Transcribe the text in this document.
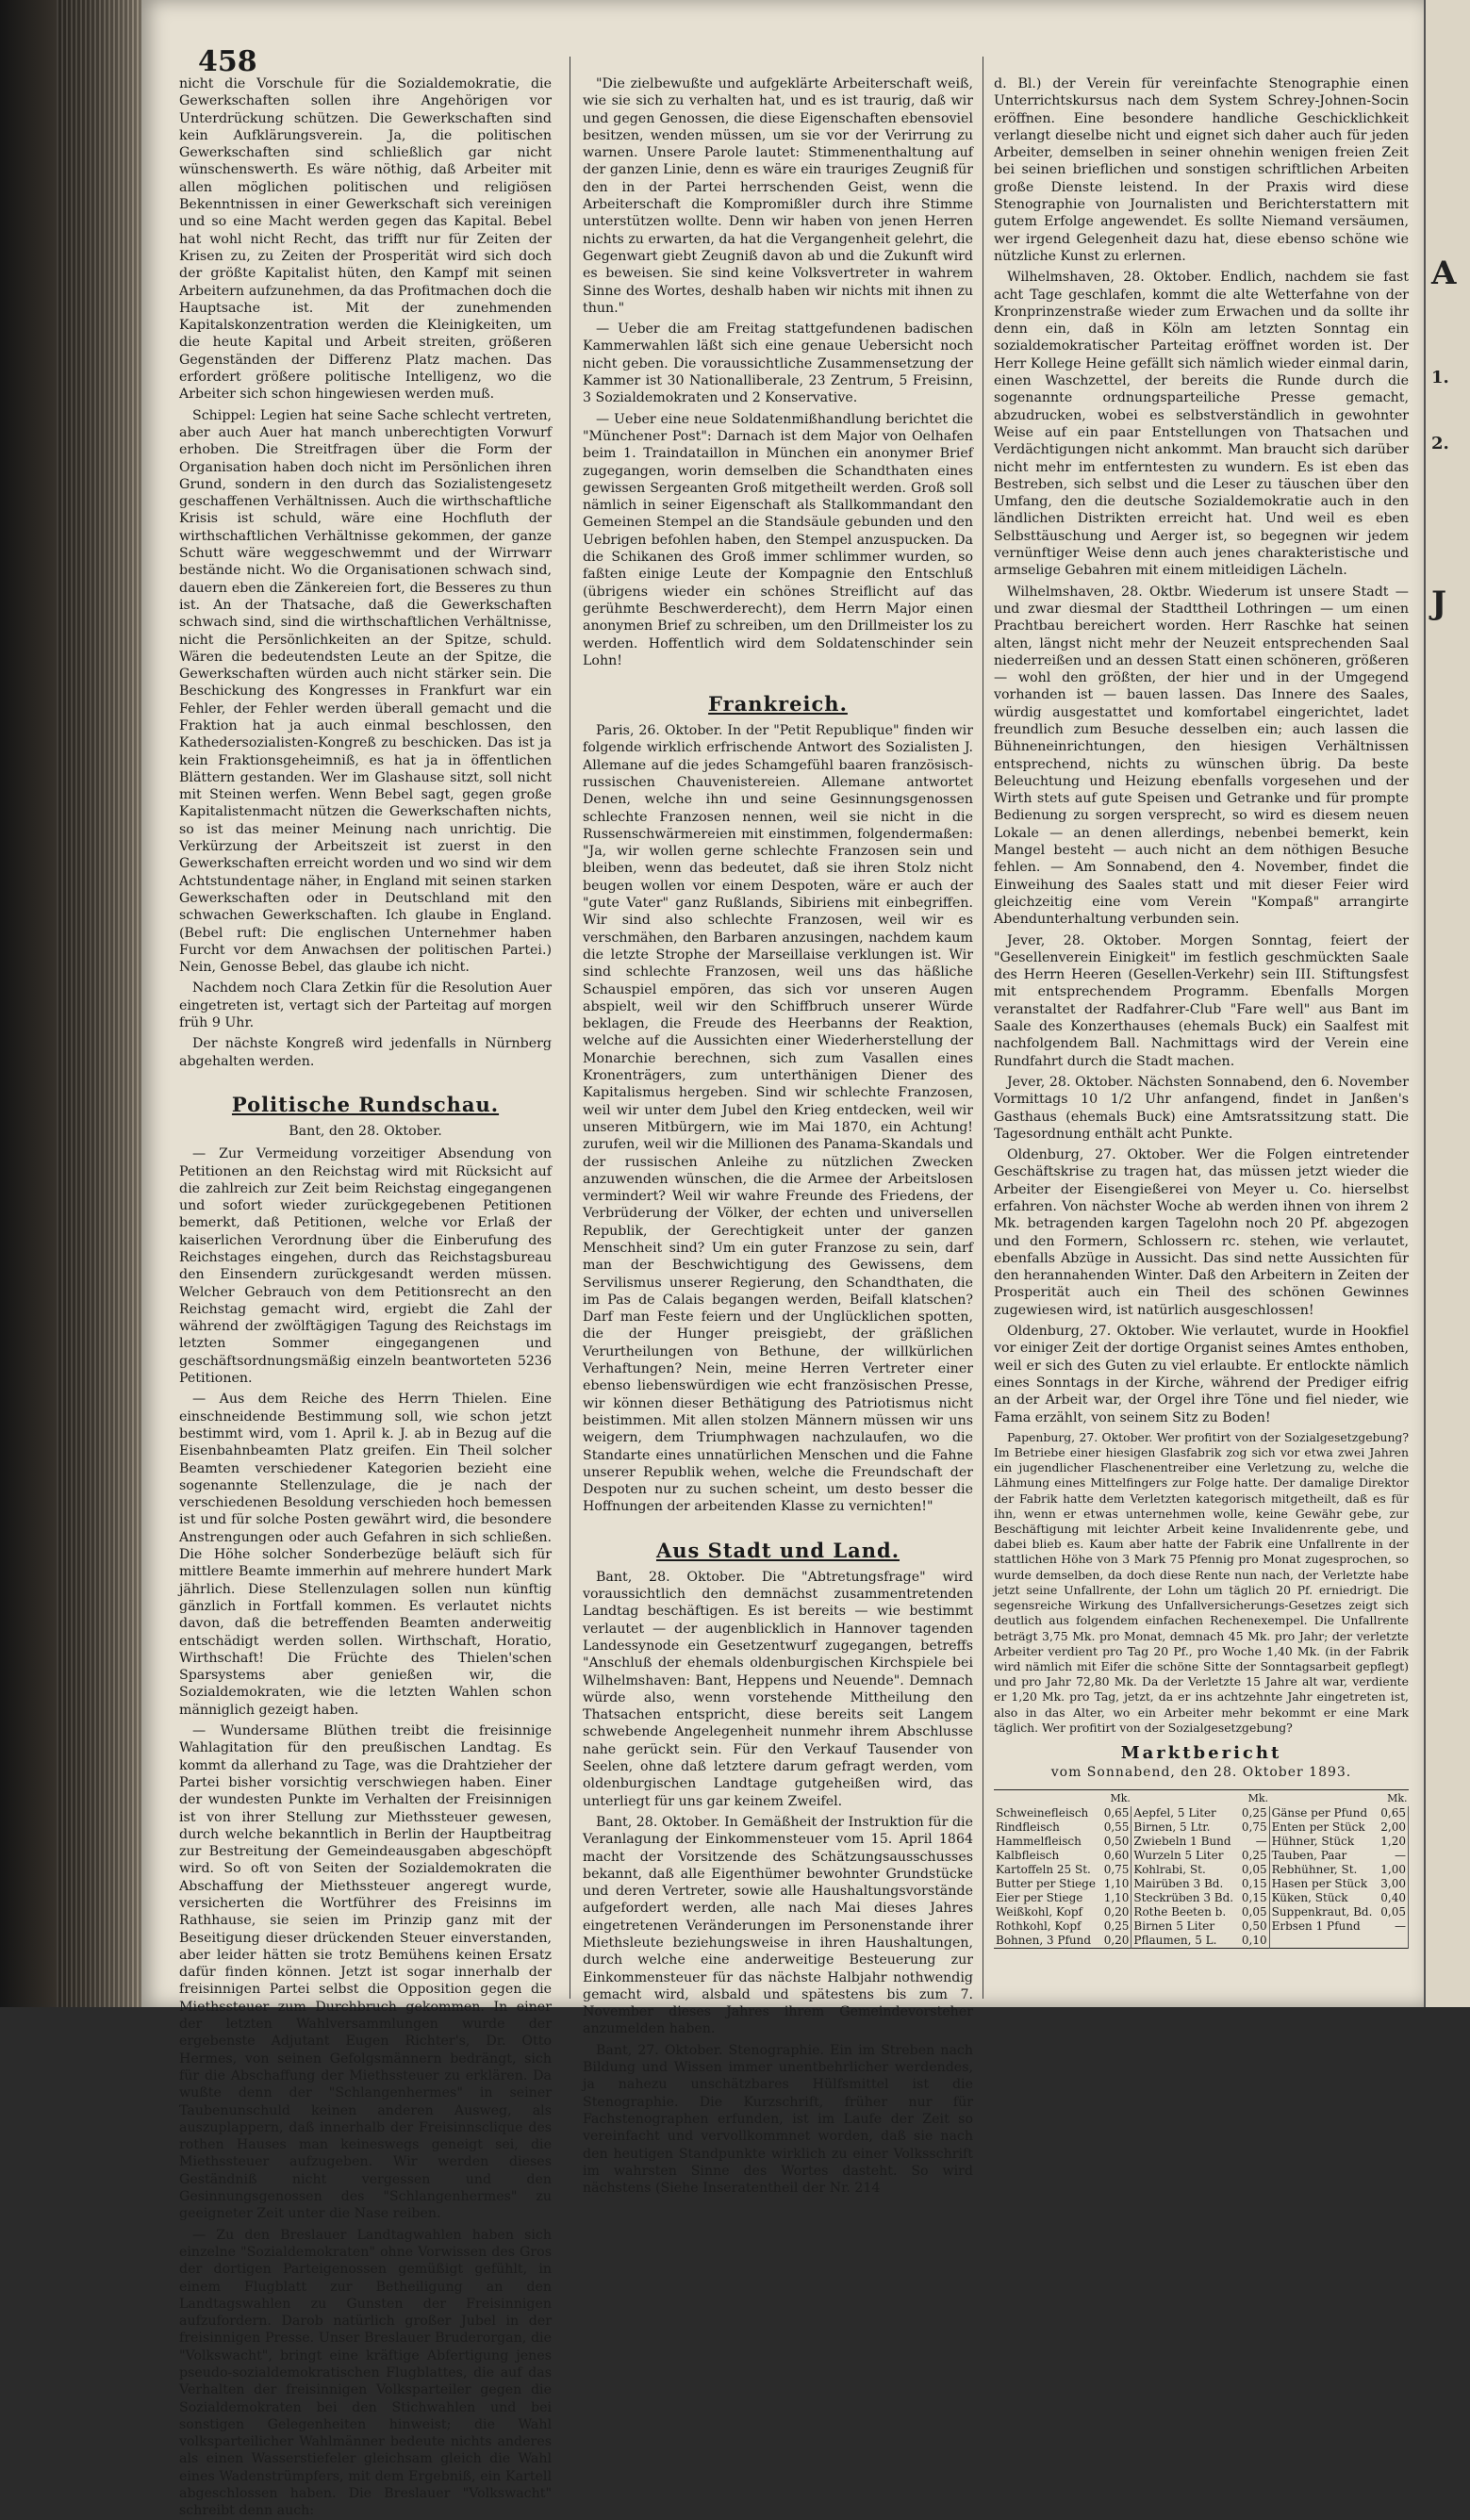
A
1.
2.
J
458

nicht die Vorschule für die Sozialdemokratie, die Gewerkschaften sollen ihre Angehörigen vor Unterdrückung schützen. Die Gewerkschaften sind kein Aufklärungsverein. Ja, die politischen Gewerkschaften sind schließlich gar nicht wünschenswerth. Es wäre nöthig, daß Arbeiter mit allen möglichen politischen und religiösen Bekenntnissen in einer Gewerkschaft sich vereinigen und so eine Macht werden gegen das Kapital. Bebel hat wohl nicht Recht, das trifft nur für Zeiten der Krisen zu, zu Zeiten der Prosperität wird sich doch der größte Kapitalist hüten, den Kampf mit seinen Arbeitern aufzunehmen, da das Profitmachen doch die Hauptsache ist. Mit der zunehmenden Kapitalskonzentration werden die Kleinigkeiten, um die heute Kapital und Arbeit streiten, größeren Gegenständen der Differenz Platz machen. Das erfordert größere politische Intelligenz, wo die Arbeiter sich schon hingewiesen werden muß.

Schippel: Legien hat seine Sache schlecht vertreten, aber auch Auer hat manch unberechtigten Vorwurf erhoben. Die Streitfragen über die Form der Organisation haben doch nicht im Persönlichen ihren Grund, sondern in den durch das Sozialistengesetz geschaffenen Verhältnissen. Auch die wirthschaftliche Krisis ist schuld, wäre eine Hochfluth der wirthschaftlichen Verhältnisse gekommen, der ganze Schutt wäre weggeschwemmt und der Wirrwarr bestände nicht. Wo die Organisationen schwach sind, dauern eben die Zänkereien fort, die Besseres zu thun ist. An der Thatsache, daß die Gewerkschaften schwach sind, sind die wirthschaftlichen Verhältnisse, nicht die Persönlichkeiten an der Spitze, schuld. Wären die bedeutendsten Leute an der Spitze, die Gewerkschaften würden auch nicht stärker sein. Die Beschickung des Kongresses in Frankfurt war ein Fehler, der Fehler werden überall gemacht und die Fraktion hat ja auch einmal beschlossen, den Kathedersozialisten-Kongreß zu beschicken. Das ist ja kein Fraktionsgeheimniß, es hat ja in öffentlichen Blättern gestanden. Wer im Glashause sitzt, soll nicht mit Steinen werfen. Wenn Bebel sagt, gegen große Kapitalistenmacht nützen die Gewerkschaften nichts, so ist das meiner Meinung nach unrichtig. Die Verkürzung der Arbeitszeit ist zuerst in den Gewerkschaften erreicht worden und wo sind wir dem Achtstundentage näher, in England mit seinen starken Gewerkschaften oder in Deutschland mit den schwachen Gewerkschaften. Ich glaube in England. (Bebel ruft: Die englischen Unternehmer haben Furcht vor dem Anwachsen der politischen Partei.) Nein, Genosse Bebel, das glaube ich nicht.

Nachdem noch Clara Zetkin für die Resolution Auer eingetreten ist, vertagt sich der Parteitag auf morgen früh 9 Uhr.

Der nächste Kongreß wird jedenfalls in Nürnberg abgehalten werden.

Politische Rundschau.
Bant, den 28. Oktober.

— Zur Vermeidung vorzeitiger Absendung von Petitionen an den Reichstag wird mit Rücksicht auf die zahlreich zur Zeit beim Reichstag eingegangenen und sofort wieder zurückgegebenen Petitionen bemerkt, daß Petitionen, welche vor Erlaß der kaiserlichen Verordnung über die Einberufung des Reichstages eingehen, durch das Reichstagsbureau den Einsendern zurückgesandt werden müssen. Welcher Gebrauch von dem Petitionsrecht an den Reichstag gemacht wird, ergiebt die Zahl der während der zwölftägigen Tagung des Reichstags im letzten Sommer eingegangenen und geschäftsordnungsmäßig einzeln beantworteten 5236 Petitionen.

— Aus dem Reiche des Herrn Thielen. Eine einschneidende Bestimmung soll, wie schon jetzt bestimmt wird, vom 1. April k. J. ab in Bezug auf die Eisenbahnbeamten Platz greifen. Ein Theil solcher Beamten verschiedener Kategorien bezieht eine sogenannte Stellenzulage, die je nach der verschiedenen Besoldung verschieden hoch bemessen ist und für solche Posten gewährt wird, die besondere Anstrengungen oder auch Gefahren in sich schließen. Die Höhe solcher Sonderbezüge beläuft sich für mittlere Beamte immerhin auf mehrere hundert Mark jährlich. Diese Stellenzulagen sollen nun künftig gänzlich in Fortfall kommen. Es verlautet nichts davon, daß die betreffenden Beamten anderweitig entschädigt werden sollen. Wirthschaft, Horatio, Wirthschaft! Die Früchte des Thielen'schen Sparsystems aber genießen wir, die Sozialdemokraten, wie die letzten Wahlen schon männiglich gezeigt haben.

— Wundersame Blüthen treibt die freisinnige Wahlagitation für den preußischen Landtag. Es kommt da allerhand zu Tage, was die Drahtzieher der Partei bisher vorsichtig verschwiegen haben. Einer der wundesten Punkte im Verhalten der Freisinnigen ist von ihrer Stellung zur Miethssteuer gewesen, durch welche bekanntlich in Berlin der Hauptbeitrag zur Bestreitung der Gemeindeausgaben abgeschöpft wird. So oft von Seiten der Sozialdemokraten die Abschaffung der Miethssteuer angeregt wurde, versicherten die Wortführer des Freisinns im Rathhause, sie seien im Prinzip ganz mit der Beseitigung dieser drückenden Steuer einverstanden, aber leider hätten sie trotz Bemühens keinen Ersatz dafür finden können. Jetzt ist sogar innerhalb der freisinnigen Partei selbst die Opposition gegen die Miethssteuer zum Durchbruch gekommen. In einer der letzten Wahlversammlungen wurde der ergebenste Adjutant Eugen Richter's, Dr. Otto Hermes, von seinen Gefolgsmännern bedrängt, sich für die Abschaffung der Miethssteuer zu erklären. Da wußte denn der "Schlangenhermes" in seiner Taubenunschuld keinen anderen Ausweg, als auszuplappern, daß innerhalb der Freisinnsclique des rothen Hauses man keineswegs geneigt sei, die Miethssteuer aufzugeben. Wir werden dieses Geständniß nicht vergessen und den Gesinnungsgenossen des "Schlangenhermes" zu geeigneter Zeit unter die Nase reiben.

— Zu den Breslauer Landtagwahlen haben sich einzelne "Sozialdemokraten" ohne Vorwissen des Gros der dortigen Parteigenossen gemüßigt gefühlt, in einem Flugblatt zur Betheiligung an den Landtagswahlen zu Gunsten der Freisinnigen aufzufordern. Darob natürlich großer Jubel in der freisinnigen Presse. Unser Breslauer Bruderorgan, die "Volkswacht", bringt eine kräftige Abfertigung jenes pseudo-sozialdemokratischen Flugblattes, die auf das Verhalten der freisinnigen Volksparteiler gegen die Sozialdemokraten bei den Stichwahlen und bei sonstigen Gelegenheiten hinweist; die Wahl volksparteilicher Wahlmänner bedeute nichts anderes als einen Wasserstiefeler gleichsam gleich die Wahl eines Wadenstrümpfers, mit dem Ergebniß, ein Kartell abgeschlossen haben. Die Breslauer "Volkswacht" schreibt denn auch:

"Die zielbewußte und aufgeklärte Arbeiterschaft weiß, wie sie sich zu verhalten hat, und es ist traurig, daß wir und gegen Genossen, die diese Eigenschaften ebensoviel besitzen, wenden müssen, um sie vor der Verirrung zu warnen. Unsere Parole lautet: Stimmenenthaltung auf der ganzen Linie, denn es wäre ein trauriges Zeugniß für den in der Partei herrschenden Geist, wenn die Arbeiterschaft die Kompromißler durch ihre Stimme unterstützen wollte. Denn wir haben von jenen Herren nichts zu erwarten, da hat die Vergangenheit gelehrt, die Gegenwart giebt Zeugniß davon ab und die Zukunft wird es beweisen. Sie sind keine Volksvertreter in wahrem Sinne des Wortes, deshalb haben wir nichts mit ihnen zu thun."

— Ueber die am Freitag stattgefundenen badischen Kammerwahlen läßt sich eine genaue Uebersicht noch nicht geben. Die voraussichtliche Zusammensetzung der Kammer ist 30 Nationalliberale, 23 Zentrum, 5 Freisinn, 3 Sozialdemokraten und 2 Konservative.

— Ueber eine neue Soldatenmißhandlung berichtet die "Münchener Post": Darnach ist dem Major von Oelhafen beim 1. Traindataillon in München ein anonymer Brief zugegangen, worin demselben die Schandthaten eines gewissen Sergeanten Groß mitgetheilt werden. Groß soll nämlich in seiner Eigenschaft als Stallkommandant den Gemeinen Stempel an die Standsäule gebunden und den Uebrigen befohlen haben, den Stempel anzuspucken. Da die Schikanen des Groß immer schlimmer wurden, so faßten einige Leute der Kompagnie den Entschluß (übrigens wieder ein schönes Streiflicht auf das gerühmte Beschwerderecht), dem Herrn Major einen anonymen Brief zu schreiben, um den Drillmeister los zu werden. Hoffentlich wird dem Soldatenschinder sein Lohn!

Frankreich.

Paris, 26. Oktober. In der "Petit Republique" finden wir folgende wirklich erfrischende Antwort des Sozialisten J. Allemane auf die jedes Schamgefühl baaren französisch-russischen Chauvenistereien. Allemane antwortet Denen, welche ihn und seine Gesinnungsgenossen schlechte Franzosen nennen, weil sie nicht in die Russenschwärmereien mit einstimmen, folgendermaßen: "Ja, wir wollen gerne schlechte Franzosen sein und bleiben, wenn das bedeutet, daß sie ihren Stolz nicht beugen wollen vor einem Despoten, wäre er auch der "gute Vater" ganz Rußlands, Sibiriens mit einbegriffen. Wir sind also schlechte Franzosen, weil wir es verschmähen, den Barbaren anzusingen, nachdem kaum die letzte Strophe der Marseillaise verklungen ist. Wir sind schlechte Franzosen, weil uns das häßliche Schauspiel empören, das sich vor unseren Augen abspielt, weil wir den Schiffbruch unserer Würde beklagen, die Freude des Heerbanns der Reaktion, welche auf die Aussichten einer Wiederherstellung der Monarchie berechnen, sich zum Vasallen eines Kronenträgers, zum unterthänigen Diener des Kapitalismus hergeben. Sind wir schlechte Franzosen, weil wir unter dem Jubel den Krieg entdecken, weil wir unseren Mitbürgern, wie im Mai 1870, ein Achtung! zurufen, weil wir die Millionen des Panama-Skandals und der russischen Anleihe zu nützlichen Zwecken anzuwenden wünschen, die die Armee der Arbeitslosen vermindert? Weil wir wahre Freunde des Friedens, der Verbrüderung der Völker, der echten und universellen Republik, der Gerechtigkeit unter der ganzen Menschheit sind? Um ein guter Franzose zu sein, darf man der Beschwichtigung des Gewissens, dem Servilismus unserer Regierung, den Schandthaten, die im Pas de Calais begangen werden, Beifall klatschen? Darf man Feste feiern und der Unglücklichen spotten, die der Hunger preisgiebt, der gräßlichen Verurtheilungen von Bethune, der willkürlichen Verhaftungen? Nein, meine Herren Vertreter einer ebenso liebenswürdigen wie echt französischen Presse, wir können dieser Bethätigung des Patriotismus nicht beistimmen. Mit allen stolzen Männern müssen wir uns weigern, dem Triumphwagen nachzulaufen, wo die Standarte eines unnatürlichen Menschen und die Fahne unserer Republik wehen, welche die Freundschaft der Despoten nur zu suchen scheint, um desto besser die Hoffnungen der arbeitenden Klasse zu vernichten!"

Aus Stadt und Land.

Bant, 28. Oktober. Die "Abtretungsfrage" wird voraussichtlich den demnächst zusammentretenden Landtag beschäftigen. Es ist bereits — wie bestimmt verlautet — der augenblicklich in Hannover tagenden Landessynode ein Gesetzentwurf zugegangen, betreffs "Anschluß der ehemals oldenburgischen Kirchspiele bei Wilhelmshaven: Bant, Heppens und Neuende". Demnach würde also, wenn vorstehende Mittheilung den Thatsachen entspricht, diese bereits seit Langem schwebende Angelegenheit nunmehr ihrem Abschlusse nahe gerückt sein. Für den Verkauf Tausender von Seelen, ohne daß letztere darum gefragt werden, vom oldenburgischen Landtage gutgeheißen wird, das unterliegt für uns gar keinem Zweifel.

Bant, 28. Oktober. In Gemäßheit der Instruktion für die Veranlagung der Einkommensteuer vom 15. April 1864 macht der Vorsitzende des Schätzungsausschusses bekannt, daß alle Eigenthümer bewohnter Grundstücke und deren Vertreter, sowie alle Haushaltungsvorstände aufgefordert werden, alle nach Mai dieses Jahres eingetretenen Veränderungen im Personenstande ihrer Miethsleute beziehungsweise in ihren Haushaltungen, durch welche eine anderweitige Besteuerung zur Einkommensteuer für das nächste Halbjahr nothwendig gemacht wird, alsbald und spätestens bis zum 7. November dieses Jahres ihrem Gemeindevorsteher anzumelden haben.

Bant, 27. Oktober. Stenographie. Ein im Streben nach Bildung und Wissen immer unentbehrlicher werdendes, ja nahezu unschätzbares Hülfsmittel ist die Stenographie. Die Kurzschrift, früher nur für Fachstenographen erfunden, ist im Laufe der Zeit so vereinfacht und vervollkommnet worden, daß sie nach den heutigen Standpunkte wirklich zu einer Volksschrift im wahrsten Sinne des Wortes dasteht. So wird nächstens (Siehe Inseratentheil der Nr. 214

d. Bl.) der Verein für vereinfachte Stenographie einen Unterrichtskursus nach dem System Schrey-Johnen-Socin eröffnen. Eine besondere handliche Geschicklichkeit verlangt dieselbe nicht und eignet sich daher auch für jeden Arbeiter, demselben in seiner ohnehin wenigen freien Zeit bei seinen brieflichen und sonstigen schriftlichen Arbeiten große Dienste leistend. In der Praxis wird diese Stenographie von Journalisten und Berichterstattern mit gutem Erfolge angewendet. Es sollte Niemand versäumen, wer irgend Gelegenheit dazu hat, diese ebenso schöne wie nützliche Kunst zu erlernen.

Wilhelmshaven, 28. Oktober. Endlich, nachdem sie fast acht Tage geschlafen, kommt die alte Wetterfahne von der Kronprinzenstraße wieder zum Erwachen und da sollte ihr denn ein, daß in Köln am letzten Sonntag ein sozialdemokratischer Parteitag eröffnet worden ist. Der Herr Kollege Heine gefällt sich nämlich wieder einmal darin, einen Waschzettel, der bereits die Runde durch die sogenannte ordnungsparteiliche Presse gemacht, abzudrucken, wobei es selbstverständlich in gewohnter Weise auf ein paar Entstellungen von Thatsachen und Verdächtigungen nicht ankommt. Man braucht sich darüber nicht mehr im entferntesten zu wundern. Es ist eben das Bestreben, sich selbst und die Leser zu täuschen über den Umfang, den die deutsche Sozialdemokratie auch in den ländlichen Distrikten erreicht hat. Und weil es eben Selbsttäuschung und Aerger ist, so begegnen wir jedem vernünftiger Weise denn auch jenes charakteristische und armselige Gebahren mit einem mitleidigen Lächeln.

Wilhelmshaven, 28. Oktbr. Wiederum ist unsere Stadt — und zwar diesmal der Stadttheil Lothringen — um einen Prachtbau bereichert worden. Herr Raschke hat seinen alten, längst nicht mehr der Neuzeit entsprechenden Saal niederreißen und an dessen Statt einen schöneren, größeren — wohl den größten, der hier und in der Umgegend vorhanden ist — bauen lassen. Das Innere des Saales, würdig ausgestattet und komfortabel eingerichtet, ladet freundlich zum Besuche desselben ein; auch lassen die Bühneneinrichtungen, den hiesigen Verhältnissen entsprechend, nichts zu wünschen übrig. Da beste Beleuchtung und Heizung ebenfalls vorgesehen und der Wirth stets auf gute Speisen und Getranke und für prompte Bedienung zu sorgen versprecht, so wird es diesem neuen Lokale — an denen allerdings, nebenbei bemerkt, kein Mangel besteht — auch nicht an dem nöthigen Besuche fehlen. — Am Sonnabend, den 4. November, findet die Einweihung des Saales statt und mit dieser Feier wird gleichzeitig eine vom Verein "Kompaß" arrangirte Abendunterhaltung verbunden sein.

Jever, 28. Oktober. Morgen Sonntag, feiert der "Gesellenverein Einigkeit" im festlich geschmückten Saale des Herrn Heeren (Gesellen-Verkehr) sein III. Stiftungsfest mit entsprechendem Programm. Ebenfalls Morgen veranstaltet der Radfahrer-Club "Fare well" aus Bant im Saale des Konzerthauses (ehemals Buck) ein Saalfest mit nachfolgendem Ball. Nachmittags wird der Verein eine Rundfahrt durch die Stadt machen.

Jever, 28. Oktober. Nächsten Sonnabend, den 6. November Vormittags 10 1/2 Uhr anfangend, findet in Janßen's Gasthaus (ehemals Buck) eine Amtsratssitzung statt. Die Tagesordnung enthält acht Punkte.

Oldenburg, 27. Oktober. Wer die Folgen eintretender Geschäftskrise zu tragen hat, das müssen jetzt wieder die Arbeiter der Eisengießerei von Meyer u. Co. hierselbst erfahren. Von nächster Woche ab werden ihnen von ihrem 2 Mk. betragenden kargen Tagelohn noch 20 Pf. abgezogen und den Formern, Schlossern rc. stehen, wie verlautet, ebenfalls Abzüge in Aussicht. Das sind nette Aussichten für den herannahenden Winter. Daß den Arbeitern in Zeiten der Prosperität auch ein Theil des schönen Gewinnes zugewiesen wird, ist natürlich ausgeschlossen!

Oldenburg, 27. Oktober. Wie verlautet, wurde in Hookfiel vor einiger Zeit der dortige Organist seines Amtes enthoben, weil er sich des Guten zu viel erlaubte. Er entlockte nämlich eines Sonntags in der Kirche, während der Prediger eifrig an der Arbeit war, der Orgel ihre Töne und fiel nieder, wie Fama erzählt, von seinem Sitz zu Boden!

Papenburg, 27. Oktober. Wer profitirt von der Sozialgesetzgebung? Im Betriebe einer hiesigen Glasfabrik zog sich vor etwa zwei Jahren ein jugendlicher Flaschenentreiber eine Verletzung zu, welche die Lähmung eines Mittelfingers zur Folge hatte. Der damalige Direktor der Fabrik hatte dem Verletzten kategorisch mitgetheilt, daß es für ihn, wenn er etwas unternehmen wolle, keine Gewähr gebe, zur Beschäftigung mit leichter Arbeit keine Invalidenrente gebe, und dabei blieb es. Kaum aber hatte der Fabrik eine Unfallrente in der stattlichen Höhe von 3 Mark 75 Pfennig pro Monat zugesprochen, so wurde demselben, da doch diese Rente nun nach, der Verletzte habe jetzt seine Unfallrente, der Lohn um täglich 20 Pf. erniedrigt. Die segensreiche Wirkung des Unfallversicherungs-Gesetzes zeigt sich deutlich aus folgendem einfachen Rechenexempel. Die Unfallrente beträgt 3,75 Mk. pro Monat, demnach 45 Mk. pro Jahr; der verletzte Arbeiter verdient pro Tag 20 Pf., pro Woche 1,40 Mk. (in der Fabrik wird nämlich mit Eifer die schöne Sitte der Sonntagsarbeit gepflegt) und pro Jahr 72,80 Mk. Da der Verletzte 15 Jahre alt war, verdiente er 1,20 Mk. pro Tag, jetzt, da er ins achtzehnte Jahr eingetreten ist, also in das Alter, wo ein Arbeiter mehr bekommt er eine Mark täglich. Wer profitirt von der Sozialgesetzgebung?

Marktbericht
vom Sonnabend, den 28. Oktober 1893.
	Mk.		Mk.		Mk.
Schweinefleisch	0,65	Aepfel, 5 Liter	0,25	Gänse per Pfund	0,65
Rindfleisch	0,55	Birnen, 5 Ltr.	0,75	Enten per Stück	2,00
Hammelfleisch	0,50	Zwiebeln 1 Bund	—	Hühner, Stück	1,20
Kalbfleisch	0,60	Wurzeln 5 Liter	0,25	Tauben, Paar	—
Kartoffeln 25 St.	0,75	Kohlrabi, St.	0,05	Rebhühner, St.	1,00
Butter per Stiege	1,10	Mairüben 3 Bd.	0,15	Hasen per Stück	3,00
Eier per Stiege	1,10	Steckrüben 3 Bd.	0,15	Küken, Stück	0,40
Weißkohl, Kopf	0,20	Rothe Beeten b.	0,05	Suppenkraut, Bd.	0,05
Rothkohl, Kopf	0,25	Birnen 5 Liter	0,50	Erbsen 1 Pfund	—
Bohnen, 3 Pfund	0,20	Pflaumen, 5 L.	0,10		
